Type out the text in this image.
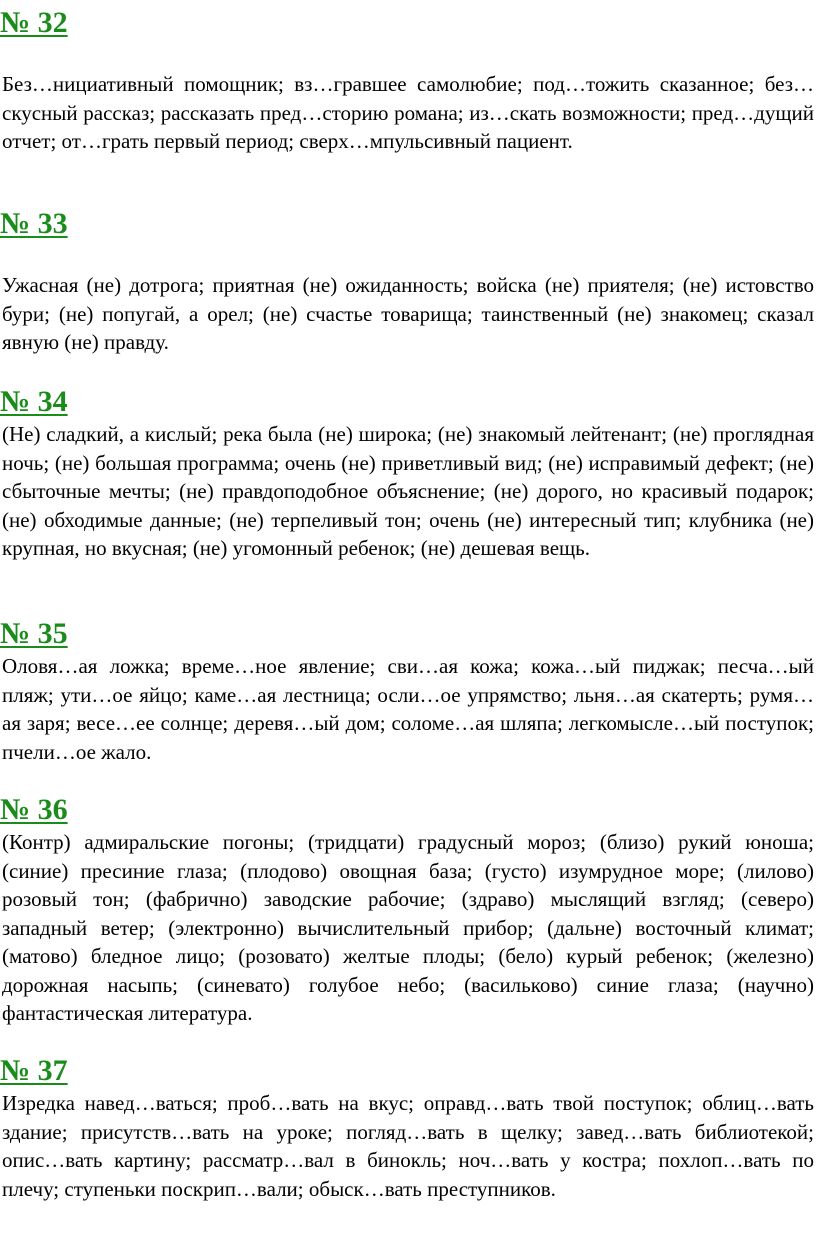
№ 32

Без…нициативный помощник; вз…гравшее самолюбие; под…тожить сказанное; без…скусный рассказ; рассказать пред…сторию романа; из…скать возможности; пред…дущий отчет; от…грать первый период; сверх…мпульсивный пациент.

№ 33

Ужасная (не) дотрога; приятная (не) ожиданность; войска (не) приятеля; (не) истовство бури; (не) попугай, а орел; (не) счастье товарища; таинственный (не) знакомец; сказал явную (не) правду.

№ 34

(Не) сладкий, а кислый; река была (не) широка; (не) знакомый лейтенант; (не) проглядная ночь; (не) большая программа; очень (не) приветливый вид; (не) исправимый дефект; (не) сбыточные мечты; (не) правдоподобное объяснение; (не) дорого, но красивый подарок; (не) обходимые данные; (не) терпеливый тон; очень (не) интересный тип; клубника (не) крупная, но вкусная; (не) угомонный ребенок; (не) дешевая вещь.

№ 35

Оловя…ая ложка; време…ное явление; сви…ая кожа; кожа…ый пиджак; песча…ый пляж; ути…ое яйцо; каме…ая лестница; осли…ое упрямство; льня…ая скатерть; румя…ая заря; весе…ее солнце; деревя…ый дом; соломе…ая шляпа; легкомысле…ый поступок; пчели…ое жало.

№ 36

(Контр) адмиральские погоны; (тридцати) градусный мороз; (близо) рукий юноша; (синие) пресиние глаза; (плодово) овощная база; (густо) изумрудное море; (лилово) розовый тон; (фабрично) заводские рабочие; (здраво) мыслящий взгляд; (северо) западный ветер; (электронно) вычислительный прибор; (дальне) восточный климат; (матово) бледное лицо; (розовато) желтые плоды; (бело) курый ребенок; (железно) дорожная насыпь; (синевато) голубое небо; (васильково) синие глаза; (научно) фантастическая литература.

№ 37

Изредка навед…ваться; проб…вать на вкус; оправд…вать твой поступок; облиц…вать здание; присутств…вать на уроке; погляд…вать в щелку; завед…вать библиотекой; опис…вать картину; рассматр…вал в бинокль; ноч…вать у костра; похлоп…вать по плечу; ступеньки поскрип…вали; обыск…вать преступников.
